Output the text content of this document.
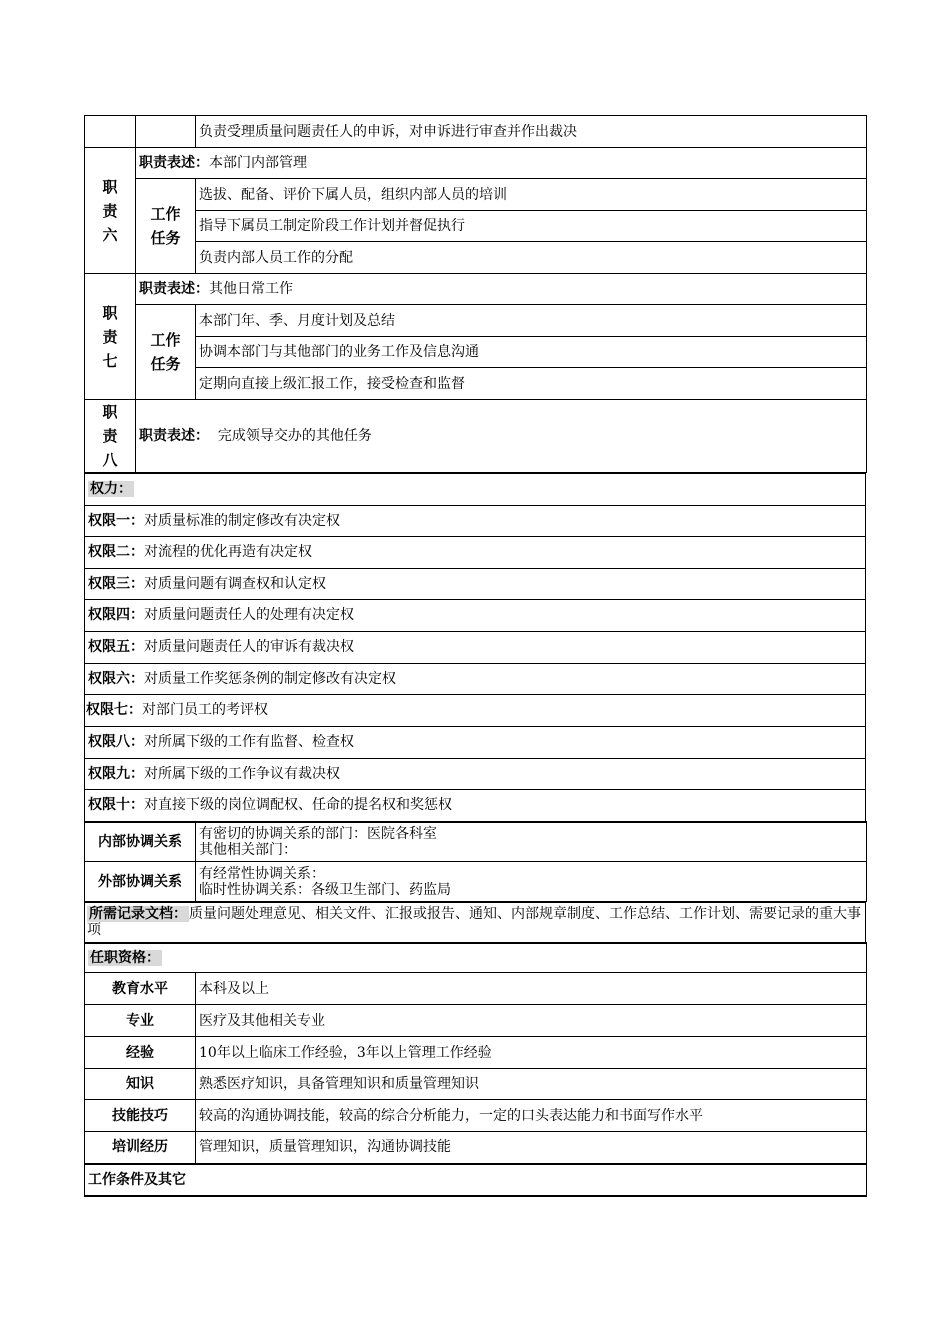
		负责受理质量问题责任人的申诉，对申诉进行审查并作出裁决

职
责
六	职责表述：本部门内部管理	

	工作任务	选拔、配备、评价下属人员，组织内部人员的培训
		指导下属员工制定阶段工作计划并督促执行
		负责内部人员工作的分配

职
责
七	职责表述：其他日常工作	

	工作任务	本部门年、季、月度计划及总结
		协调本部门与其他部门的业务工作及信息沟通
		定期向直接上级汇报工作，接受检查和监督

职
责
八	职责表述： 完成领导交办的其他任务	
权力：
权限一：对质量标准的制定修改有决定权
权限二：对流程的优化再造有决定权
权限三：对质量问题有调查权和认定权
权限四：对质量问题责任人的处理有决定权
权限五：对质量问题责任人的审诉有裁决权
权限六：对质量工作奖惩条例的制定修改有决定权
权限七：对部门员工的考评权
权限八：对所属下级的工作有监督、检查权
权限九：对所属下级的工作争议有裁决权
权限十：对直接下级的岗位调配权、任命的提名权和奖惩权
内部协调关系	有密切的协调关系的部门：医院各科室
其他相关部门：

外部协调关系	有经常性协调关系：
临时性协调关系：各级卫生部门、药监局
所需记录文档： 质量问题处理意见、相关文件、汇报或报告、通知、内部规章制度、工作总结、工作计划、需要记录的重大事项
任职资格：	
教育水平	本科及以上
专业	医疗及其他相关专业
经验	10年以上临床工作经验，3年以上管理工作经验
知识	熟悉医疗知识，具备管理知识和质量管理知识
技能技巧	较高的沟通协调技能，较高的综合分析能力，一定的口头表达能力和书面写作水平
培训经历	管理知识，质量管理知识，沟通协调技能
工作条件及其它	
